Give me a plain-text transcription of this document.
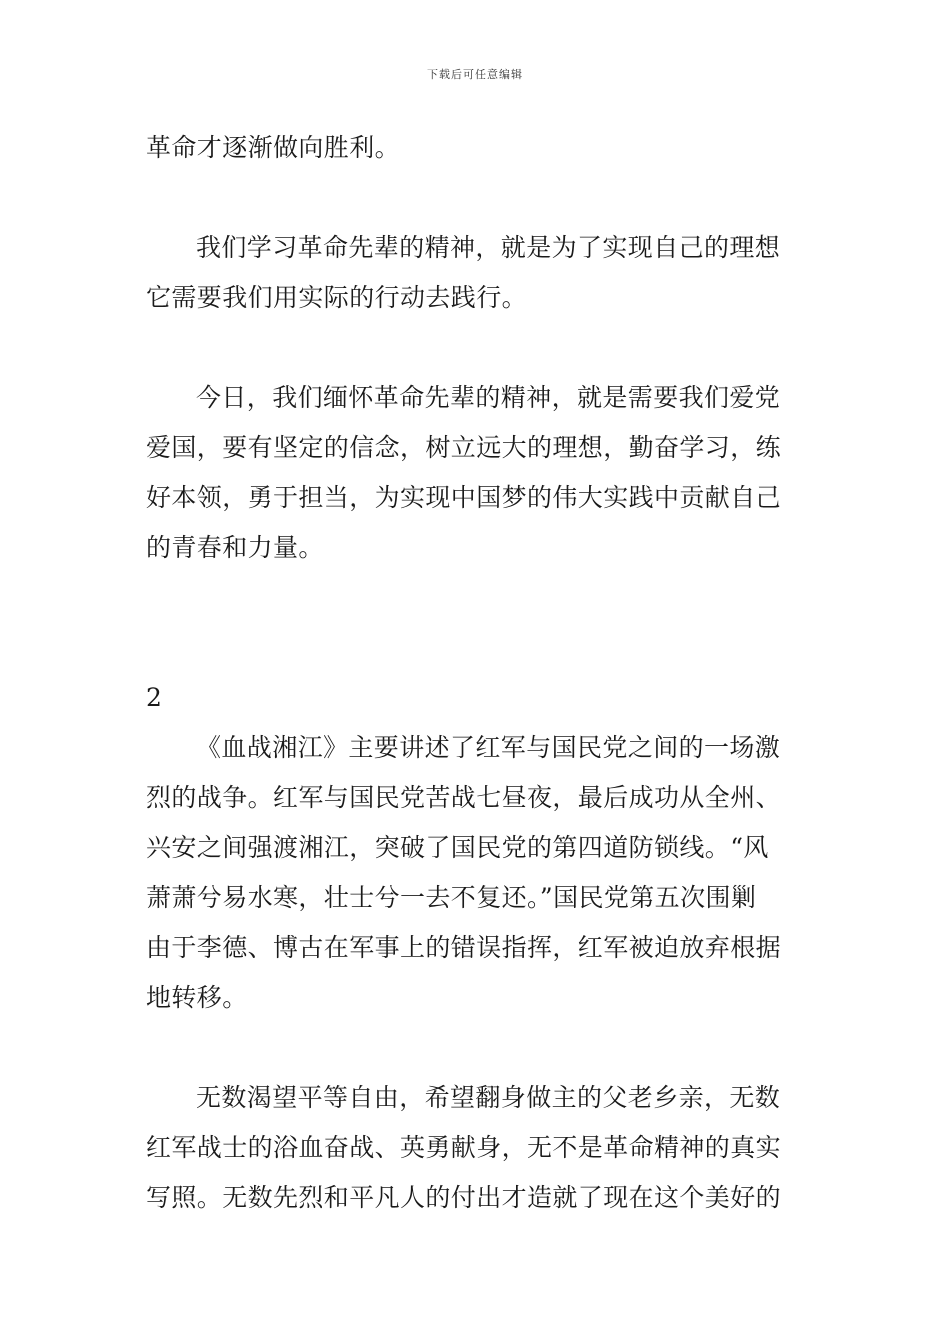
下载后可任意编辑
革命才逐渐做向胜利。
我们学习革命先辈的精神，就是为了实现自己的理想
它需要我们用实际的行动去践行。
今日，我们缅怀革命先辈的精神，就是需要我们爱党
爱国，要有坚定的信念，树立远大的理想，勤奋学习，练
好本领，勇于担当，为实现中国梦的伟大实践中贡献自己
的青春和力量。
2
《血战湘江》主要讲述了红军与国民党之间的一场激
烈的战争。红军与国民党苦战七昼夜，最后成功从全州、
兴安之间强渡湘江，突破了国民党的第四道防锁线。“风
萧萧兮易水寒，壮士兮一去不复还。”国民党第五次围剿
由于李德、博古在军事上的错误指挥，红军被迫放弃根据
地转移。
无数渴望平等自由，希望翻身做主的父老乡亲，无数
红军战士的浴血奋战、英勇献身，无不是革命精神的真实
写照。无数先烈和平凡人的付出才造就了现在这个美好的
